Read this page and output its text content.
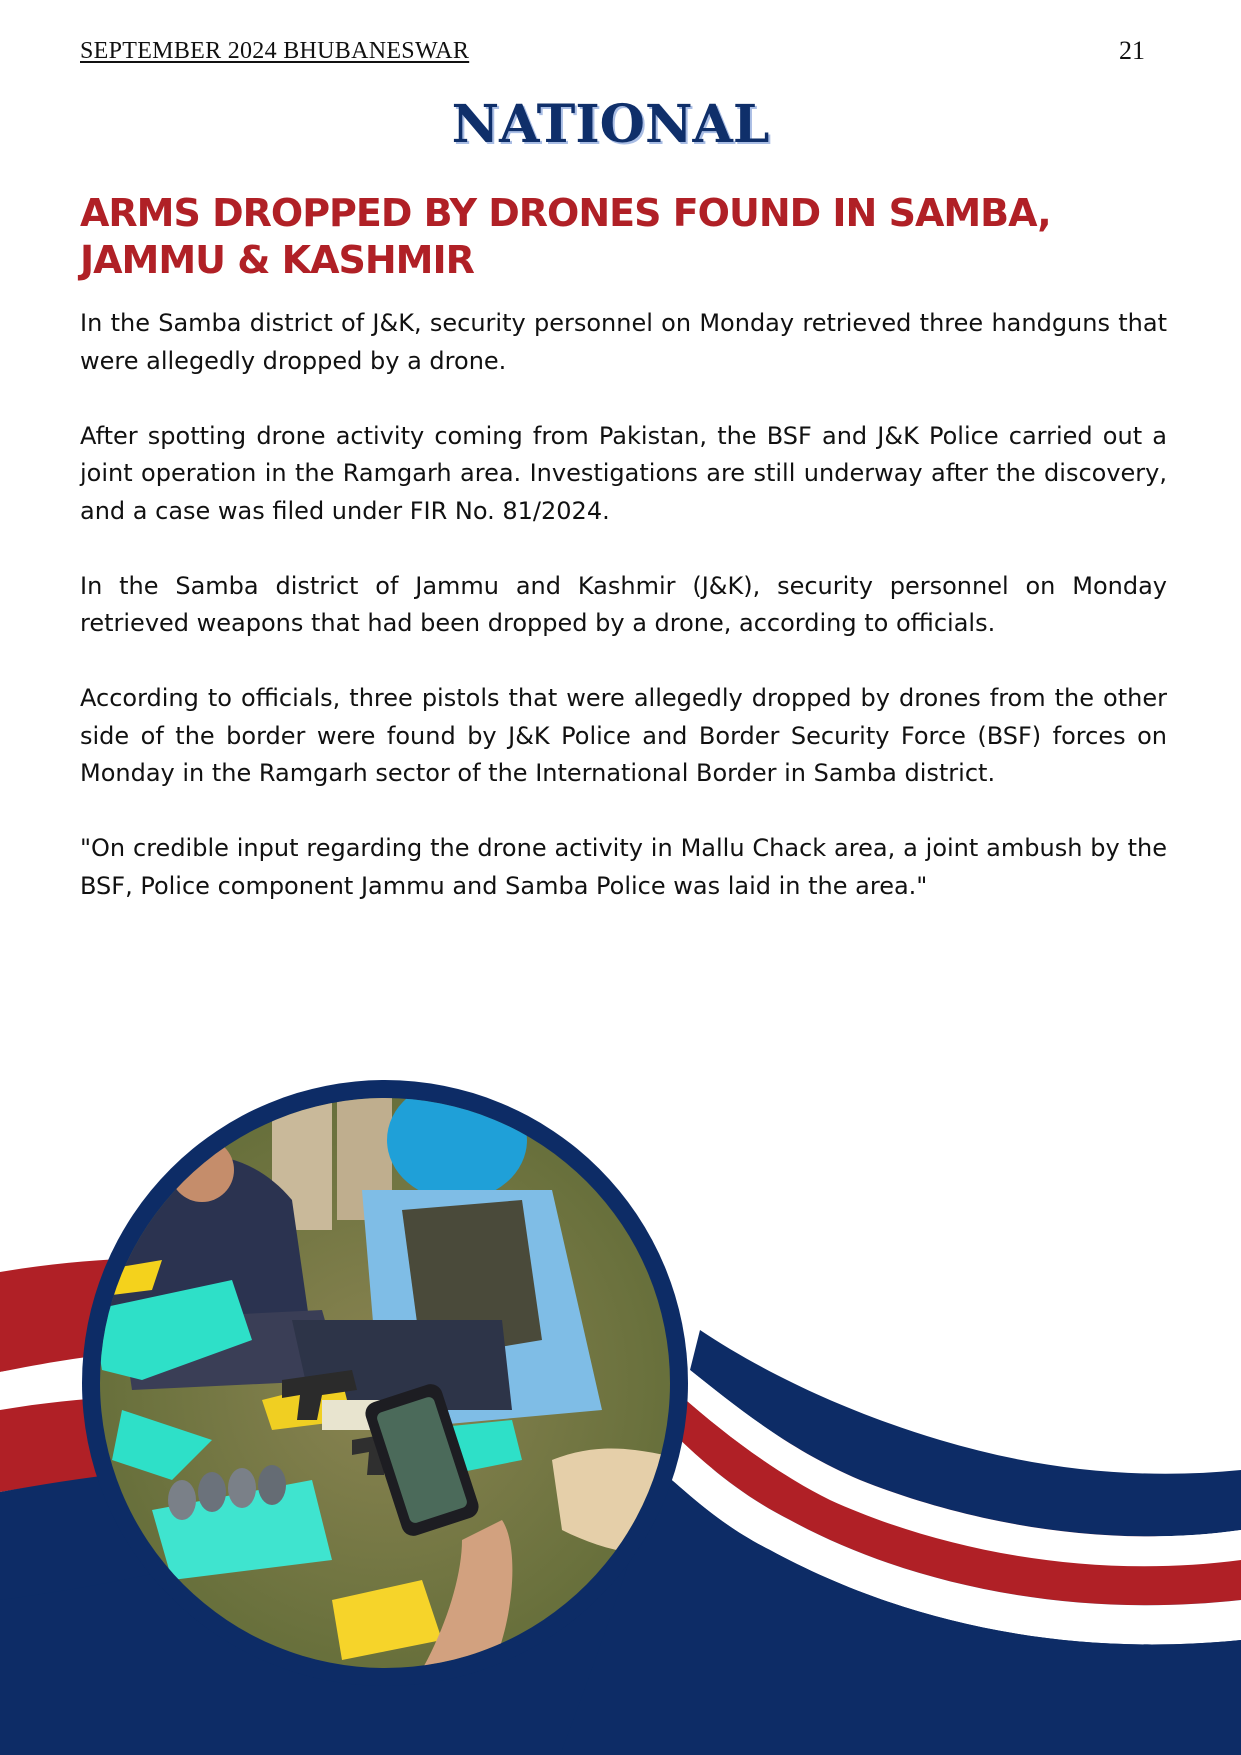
SEPTEMBER 2024 BHUBANESWAR	21
NATIONAL
ARMS DROPPED BY DRONES FOUND IN SAMBA, JAMMU & KASHMIR

In the Samba district of J&K, security personnel on Monday retrieved three handguns that were allegedly dropped by a drone.

After spotting drone activity coming from Pakistan, the BSF and J&K Police carried out a joint operation in the Ramgarh area. Investigations are still underway after the discovery, and a case was filed under FIR No. 81/2024.

In the Samba district of Jammu and Kashmir (J&K), security personnel on Monday retrieved weapons that had been dropped by a drone, according to officials.

According to officials, three pistols that were allegedly dropped by drones from the other side of the border were found by J&K Police and Border Security Force (BSF) forces on Monday in the Ramgarh sector of the International Border in Samba district.

"On credible input regarding the drone activity in Mallu Chack area, a joint ambush by the BSF, Police component Jammu and Samba Police was laid in the area."
